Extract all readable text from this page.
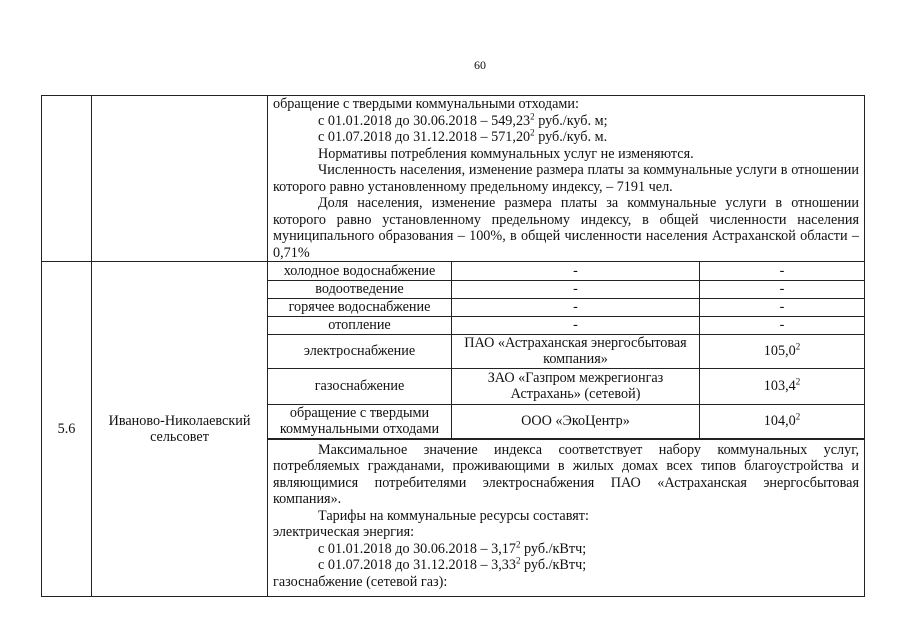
60

обращение с твердыми коммунальными отходами:

с 01.01.2018 до 30.06.2018 – 549,23$^2$ руб./куб. м;

с 01.07.2018 до 31.12.2018 – 571,20$^2$ руб./куб. м.

Нормативы потребления коммунальных услуг не изменяются.

Численность населения, изменение размера платы за коммунальные услуги в отношении которого равно установленному предельному индексу, – 7191 чел.

Доля населения, изменение размера платы за коммунальные услуги в отношении которого равно установленному предельному индексу, в общей численности населения муниципального образования – 100%, в общей численности населения Астраханской области – 0,71%

5.6	Ивановo-Николаевский сельсовет	
холодное водоснабжение	-	-
водоотведение	-	-
горячее водоснабжение	-	-
отопление	-	-
электроснабжение	ПАО «Астраханская энергосбытовая компания»	105,0$^2$
газоснабжение	ЗАО «Газпром межрегионгаз Астрахань» (сетевой)	103,4$^2$
обращение с твердыми коммунальными отходами	ООО «ЭкоЦентр»	104,0$^2$

Максимальное значение индекса соответствует набору коммунальных услуг, потребляемых гражданами, проживающими в жилых домах всех типов благоустройства и являющимися потребителями электроснабжения ПАО «Астраханская энергосбытовая компания».

Тарифы на коммунальные ресурсы составят:

электрическая энергия:

с 01.01.2018 до 30.06.2018 – 3,17$^2$ руб./кВтч;

с 01.07.2018 до 31.12.2018 – 3,33$^2$ руб./кВтч;

газоснабжение (сетевой газ):
